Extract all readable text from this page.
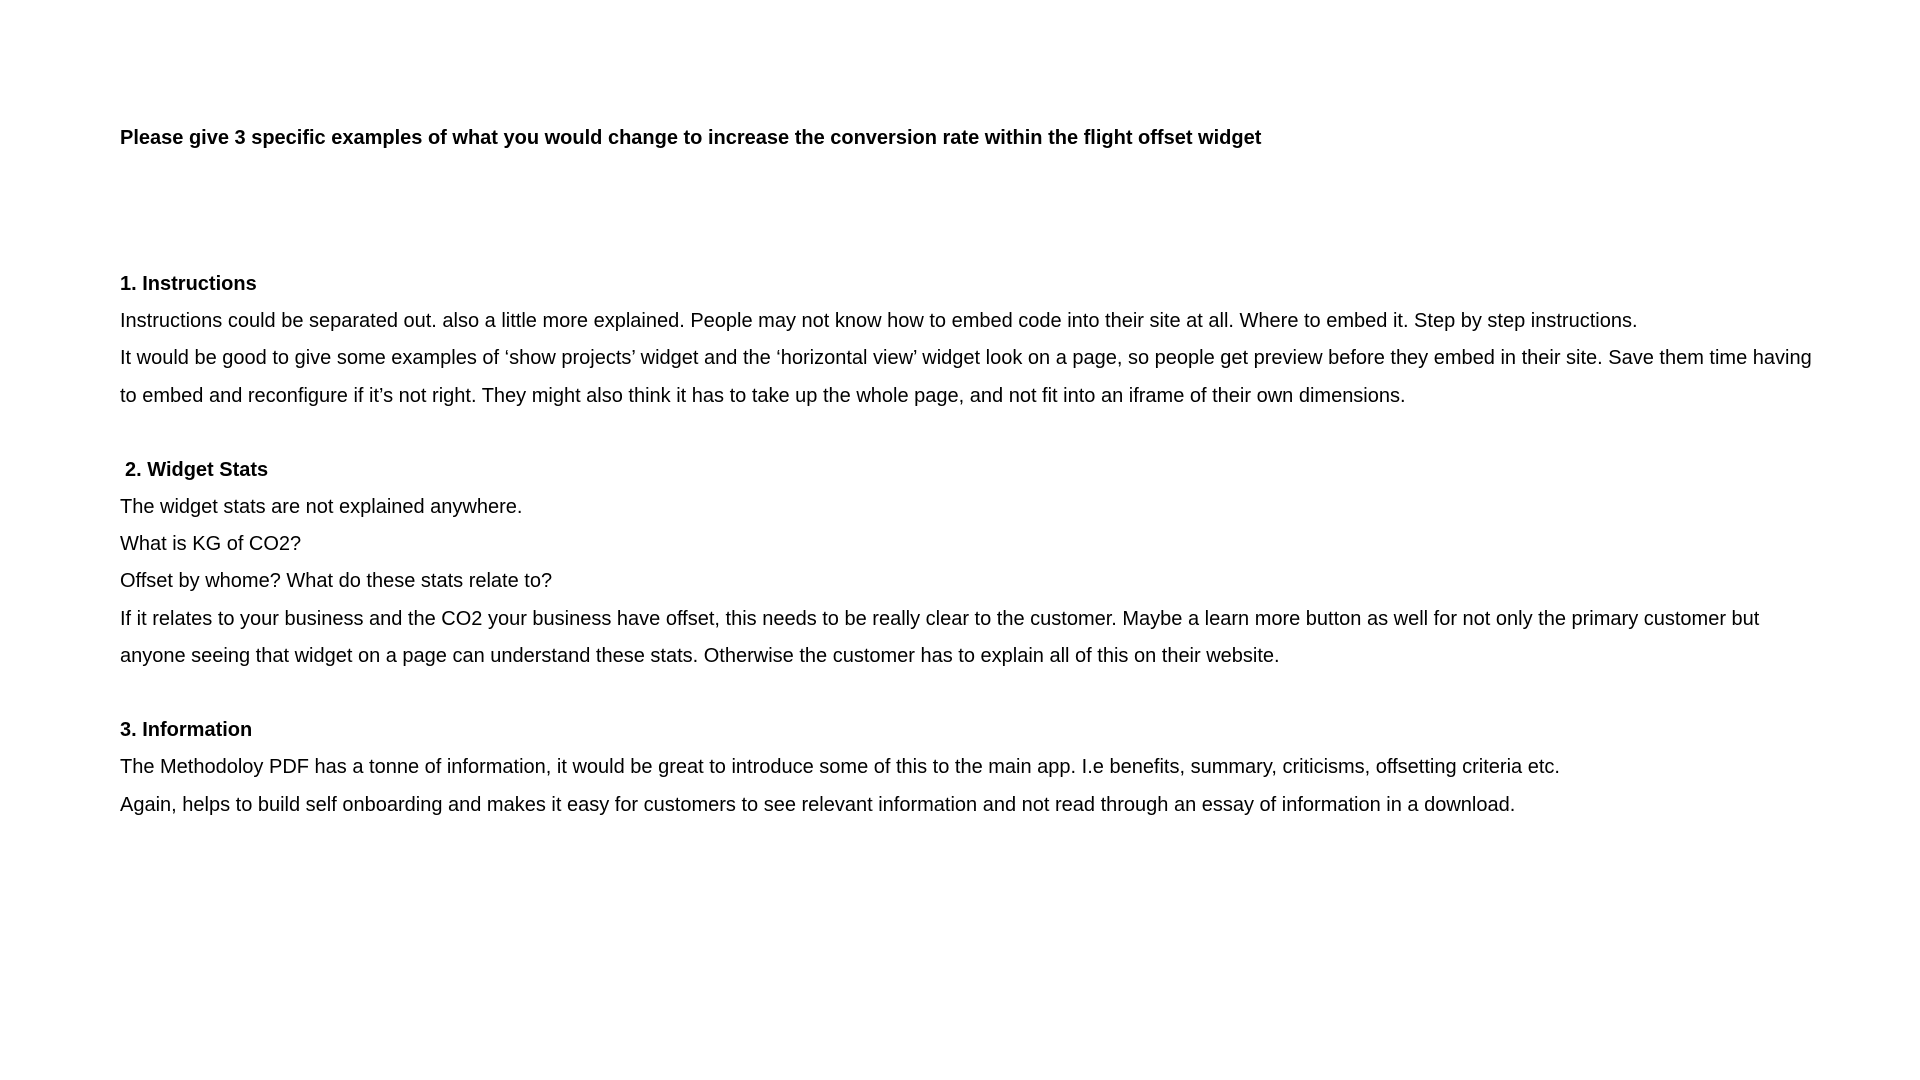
Please give 3 specific examples of what you would change to increase the conversion rate within the flight offset widget

1. Instructions

Instructions could be separated out. also a little more explained. People may not know how to embed code into their site at all. Where to embed it. Step by step instructions.

It would be good to give some examples of ‘show projects’ widget and the ‘horizontal view’ widget look on a page, so people get preview before they embed in their site. Save them time having to embed and reconfigure if it’s not right. They might also think it has to take up the whole page, and not fit into an iframe of their own dimensions.

2. Widget Stats

The widget stats are not explained anywhere.

What is KG of CO2?

Offset by whome? What do these stats relate to?

If it relates to your business and the CO2 your business have offset, this needs to be really clear to the customer. Maybe a learn more button as well for not only the primary customer but anyone seeing that widget on a page can understand these stats. Otherwise the customer has to explain all of this on their website.

3. Information

The Methodoloy PDF has a tonne of information, it would be great to introduce some of this to the main app. I.e benefits, summary, criticisms, offsetting criteria etc.

Again, helps to build self onboarding and makes it easy for customers to see relevant information and not read through an essay of information in a download.
